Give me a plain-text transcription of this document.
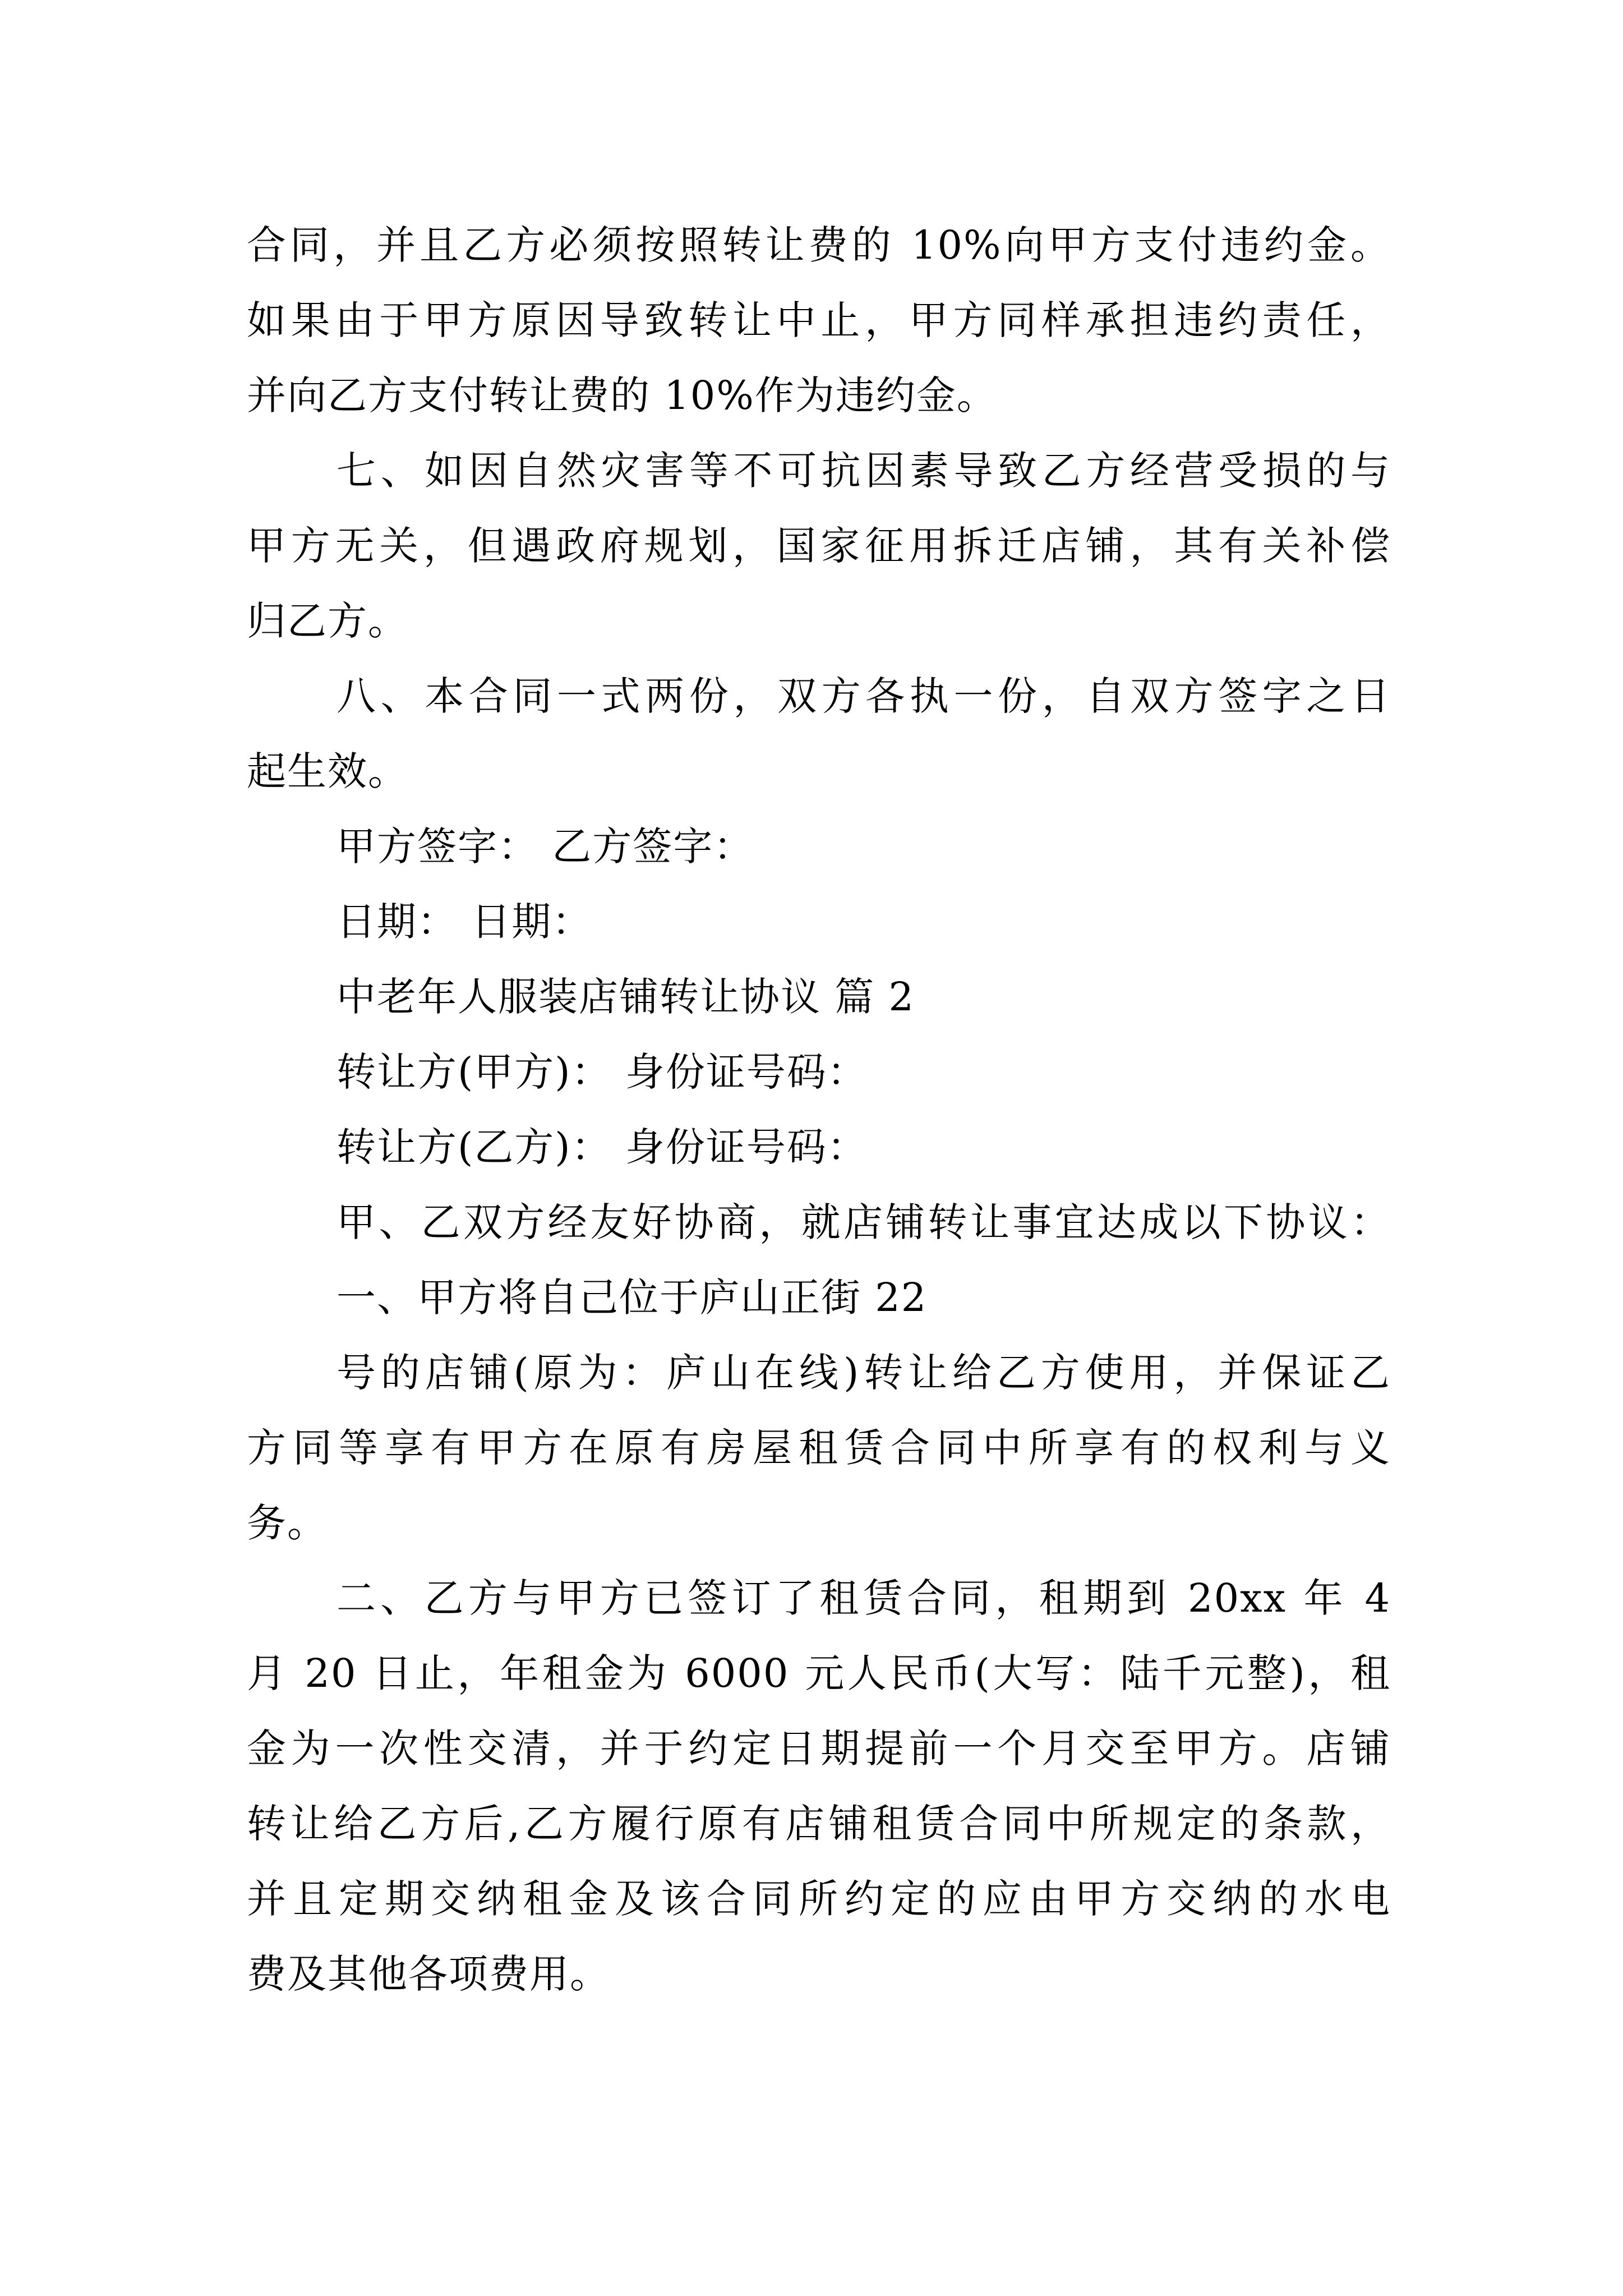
合同，并且乙方必须按照转让费的 10%向甲方支付违约金。
如果由于甲方原因导致转让中止，甲方同样承担违约责任，
并向乙方支付转让费的 10%作为违约金。
七、如因自然灾害等不可抗因素导致乙方经营受损的与
甲方无关，但遇政府规划，国家征用拆迁店铺，其有关补偿
归乙方。
八、本合同一式两份，双方各执一份，自双方签字之日
起生效。
甲方签字： 乙方签字：
日期： 日期：
中老年人服装店铺转让协议 篇 2
转让方(甲方)： 身份证号码：
转让方(乙方)： 身份证号码：
甲、乙双方经友好协商，就店铺转让事宜达成以下协议：
一、甲方将自己位于庐山正街 22
号的店铺(原为：庐山在线)转让给乙方使用，并保证乙
方同等享有甲方在原有房屋租赁合同中所享有的权利与义
务。
二、乙方与甲方已签订了租赁合同，租期到 20xx 年 4
月 20 日止，年租金为 6000 元人民币(大写：陆千元整)，租
金为一次性交清，并于约定日期提前一个月交至甲方。店铺
转让给乙方后,乙方履行原有店铺租赁合同中所规定的条款，
并且定期交纳租金及该合同所约定的应由甲方交纳的水电
费及其他各项费用。
